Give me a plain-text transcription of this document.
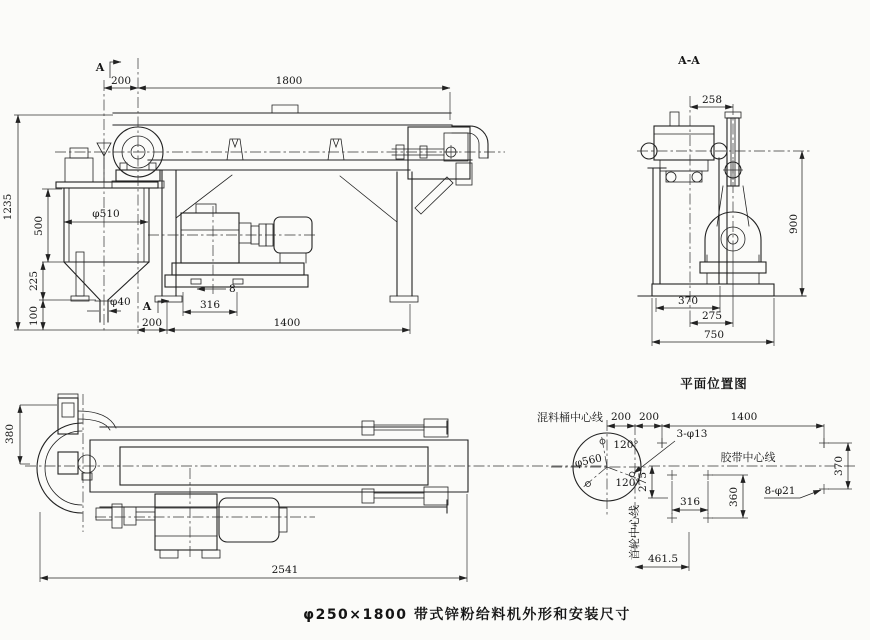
A
200	1800
1235
500
225
100
φ510
φ40
8
316
200	1400
A
A-A
258
900
370
275
750
380
2541
平面位置图
混料桶中心线
胶带中心线
首轮中心线
200 200	1400
φ560
120°
120°
3-φ13
8-φ21
275
360
370
316
461.5
φ250×1800 带式锌粉给料机外形和安装尺寸
